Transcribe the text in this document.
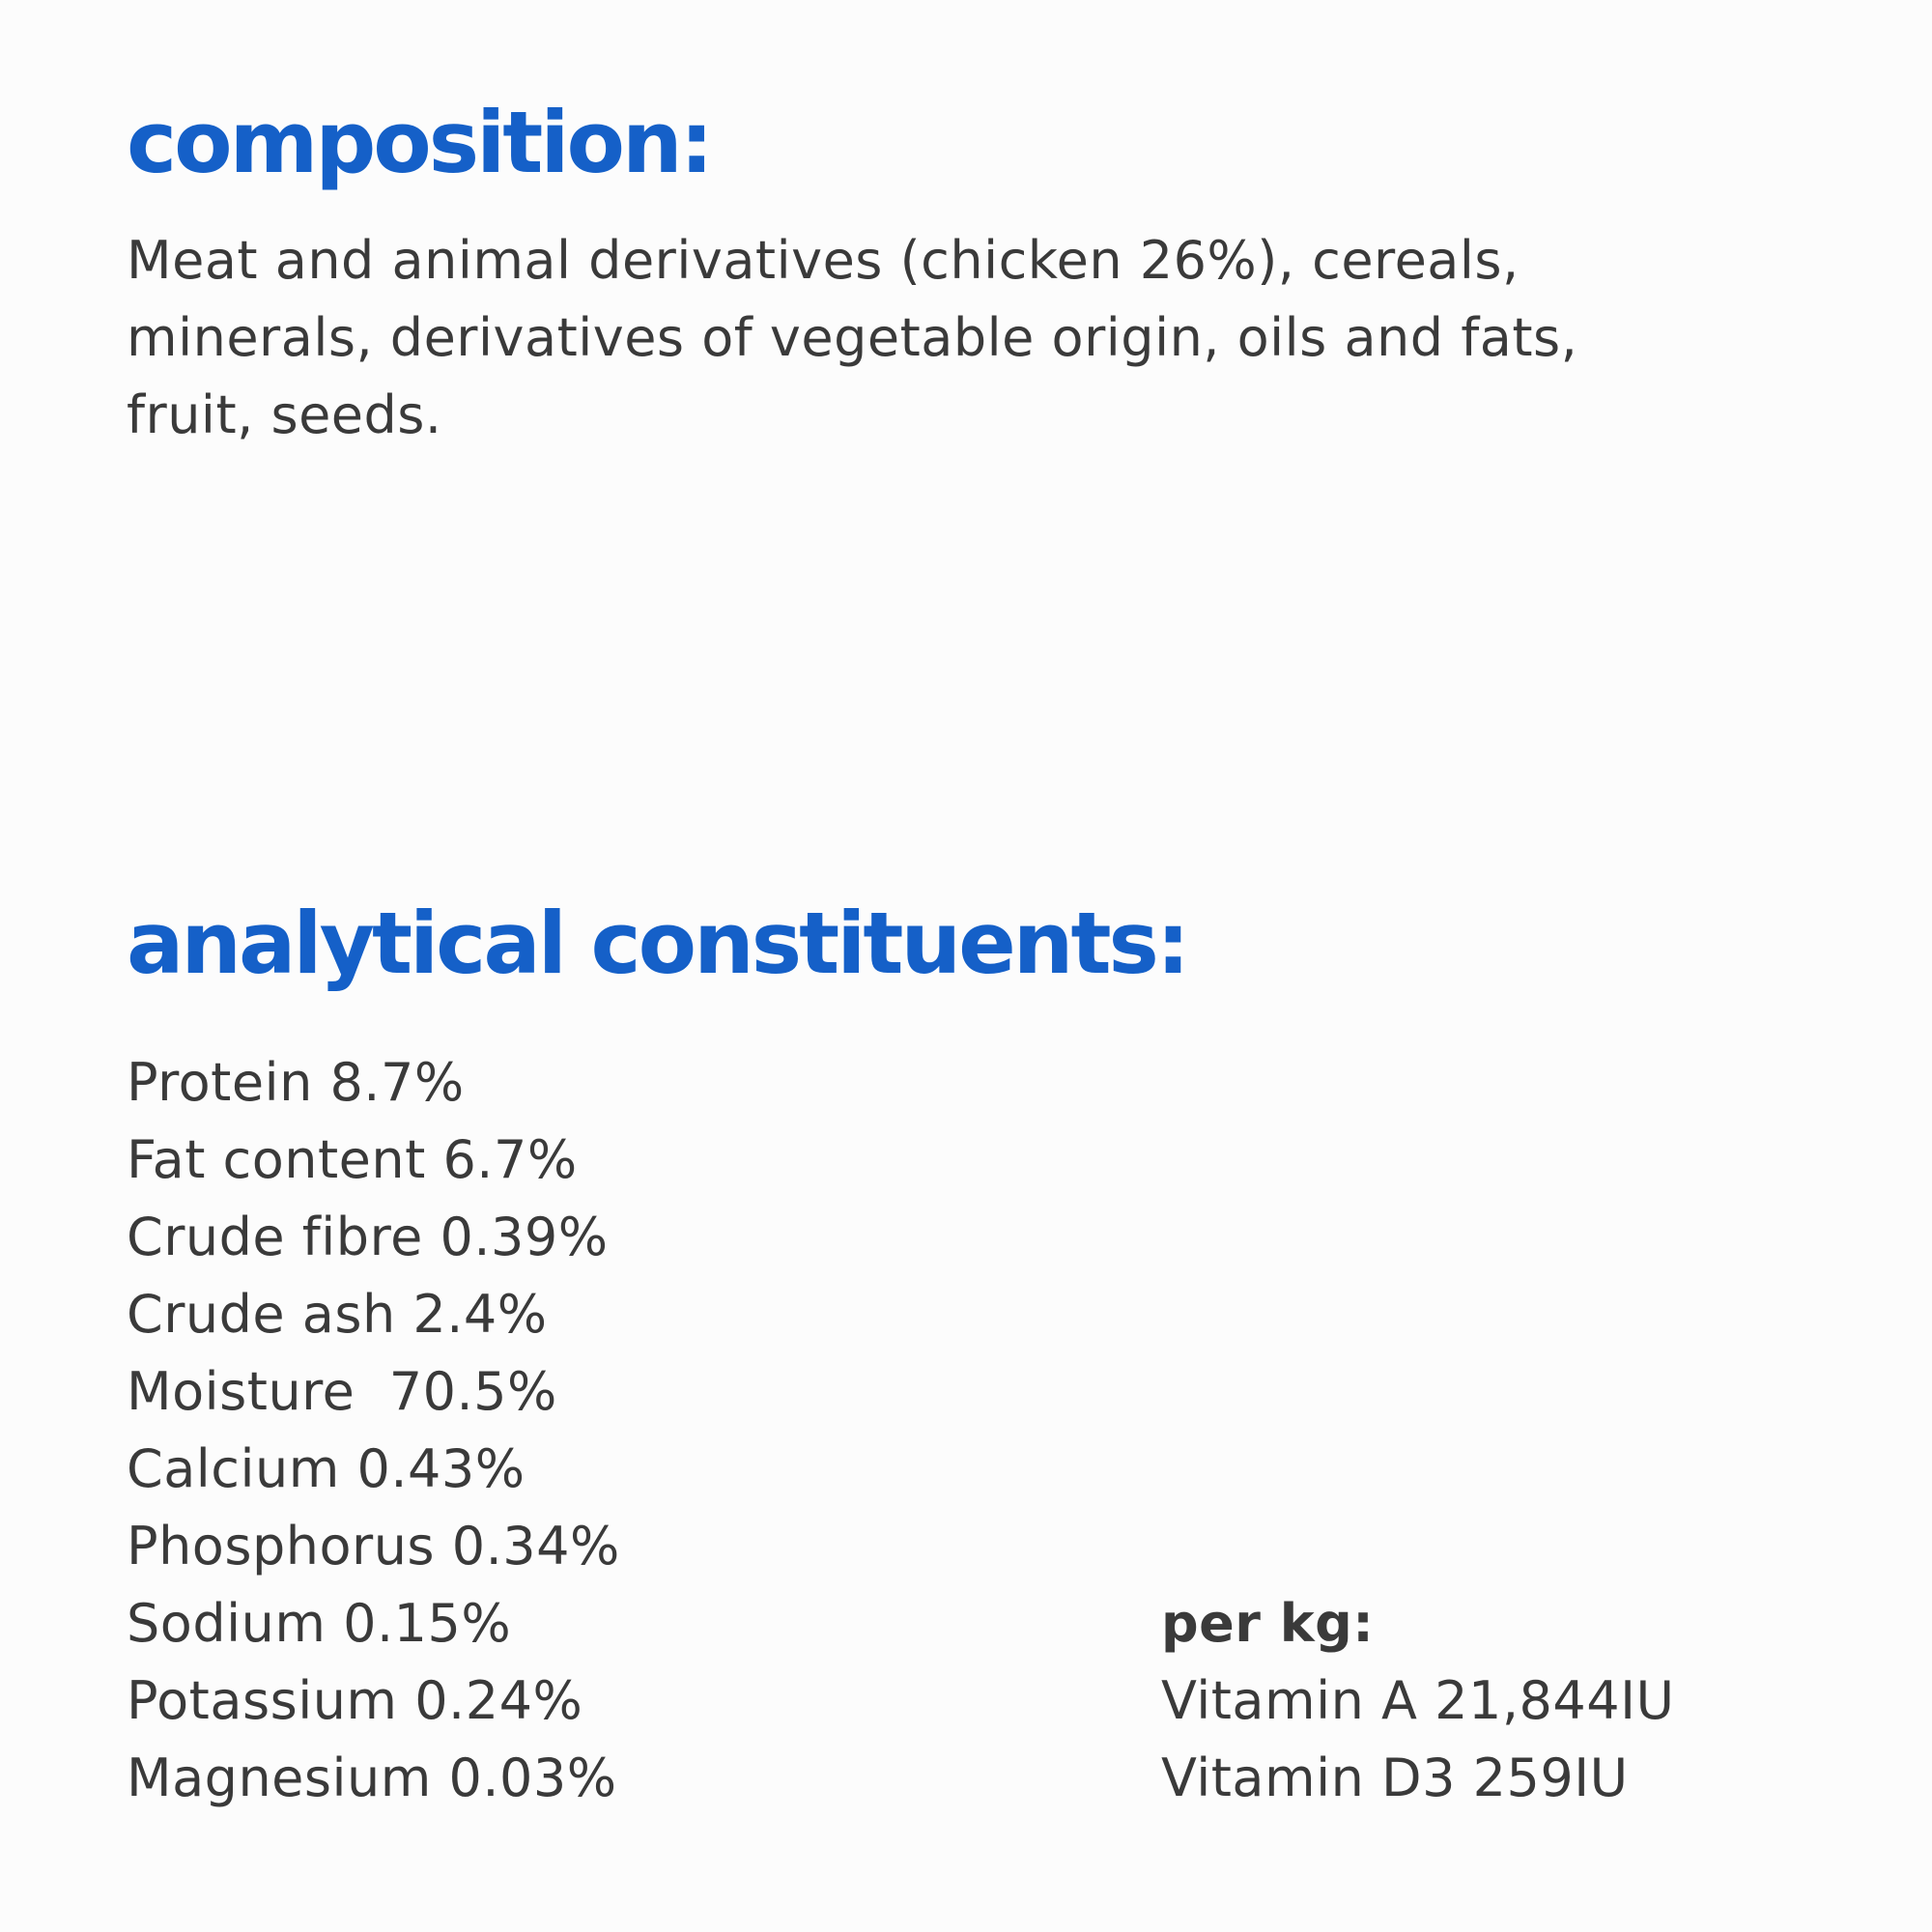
composition:

Meat and animal derivatives (chicken 26%), cereals, minerals, derivatives of vegetable origin, oils and fats, fruit, seeds.

analytical constituents:
Protein 8.7%
Fat content 6.7%
Crude fibre 0.39%
Crude ash 2.4%
Moisture  70.5%
Calcium 0.43%
Phosphorus 0.34%
Sodium 0.15%
Potassium 0.24%
Magnesium 0.03%
per kg:
Vitamin A 21,844IU
Vitamin D3 259IU
